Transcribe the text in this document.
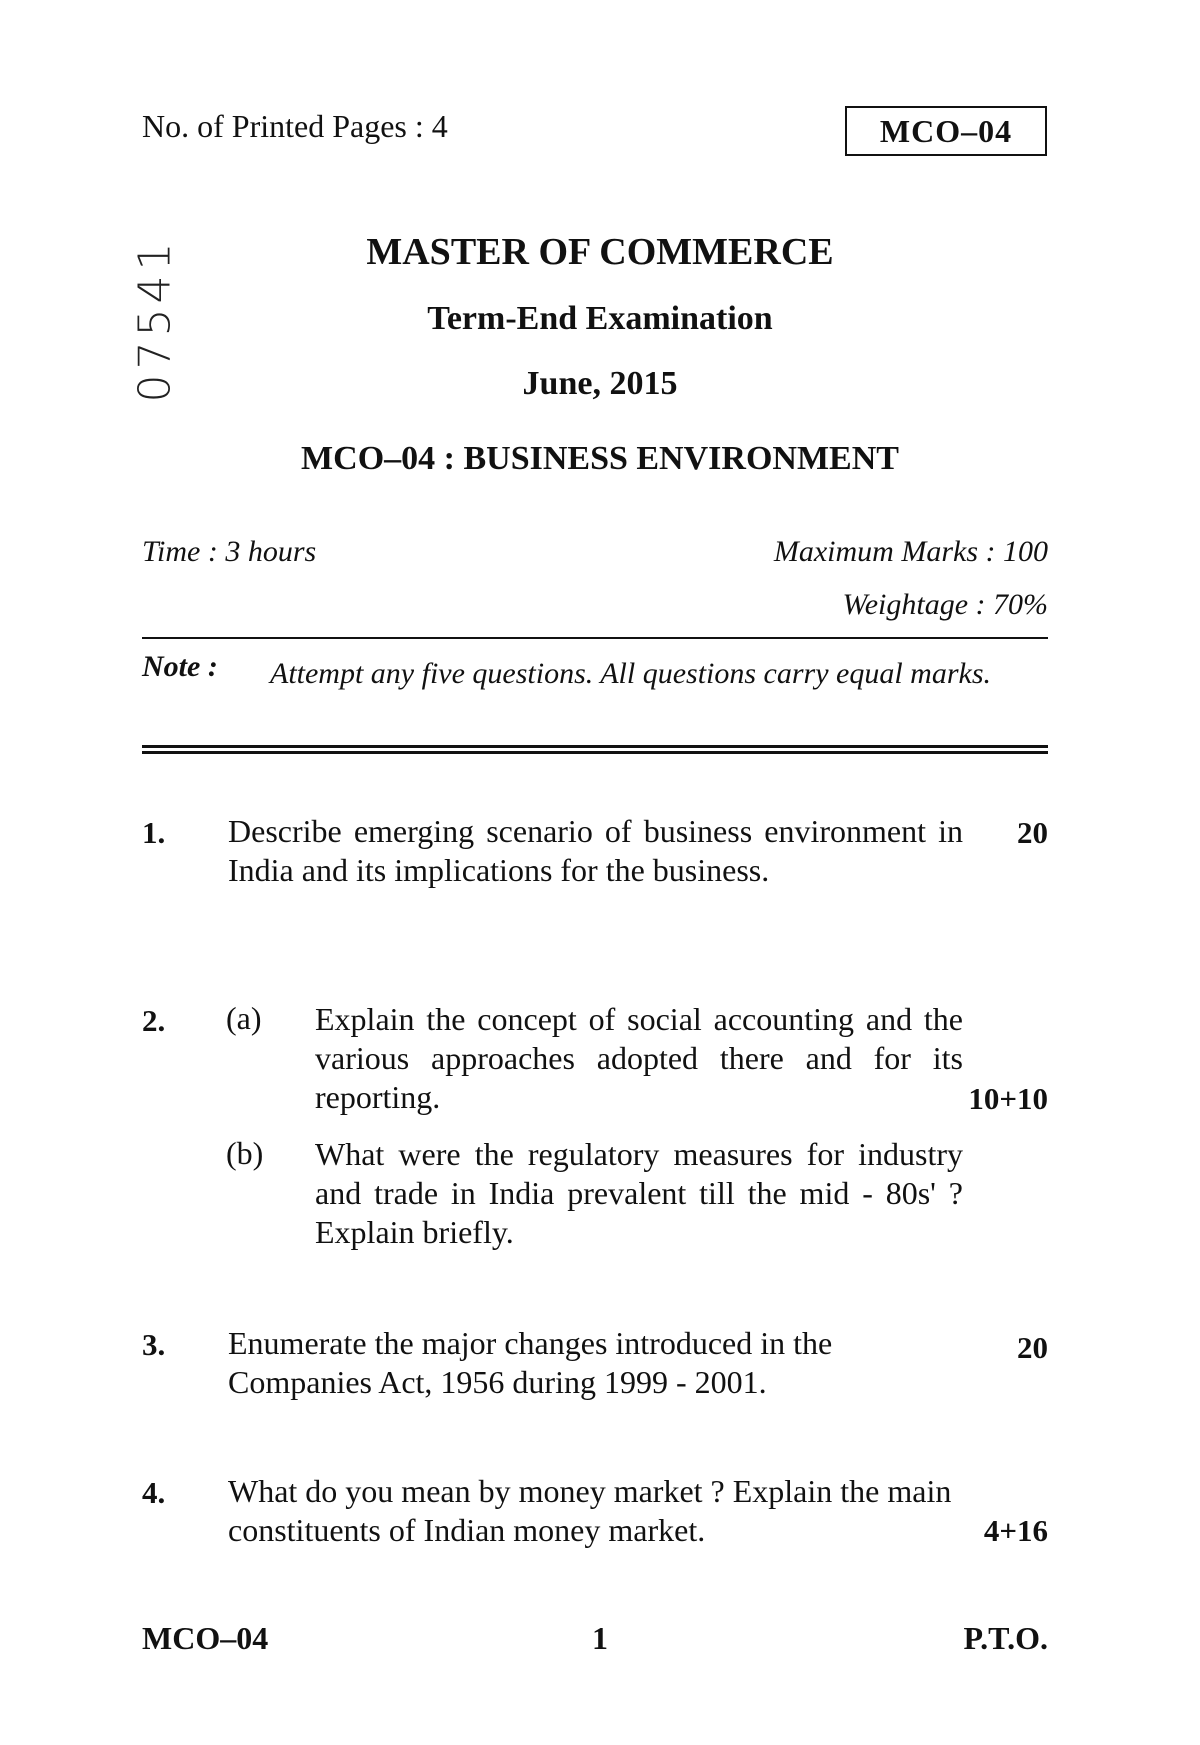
No. of Printed Pages : 4	MCO–04
07541	MASTER OF COMMERCE
Term-End Examination
June, 2015
MCO–04 : BUSINESS ENVIRONMENT
Time : 3 hours	Maximum Marks : 100
Weightage : 70%
Note : Attempt any five questions. All questions carry equal marks.
1. Describe emerging scenario of business environment in India and its implications for the business.
20
2. (a) Explain the concept of social accounting and the various approaches adopted there and for its reporting.	10+10
(b) What were the regulatory measures for industry and trade in India prevalent till the mid - 80s' ? Explain briefly.
3. Enumerate the major changes introduced in the Companies Act, 1956 during 1999 - 2001.
20
4. What do you mean by money market ? Explain the main constituents of Indian money market.	4+16
MCO–04	1	P.T.O.
